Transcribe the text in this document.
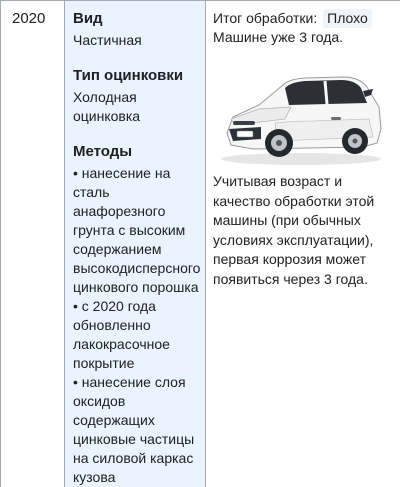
2020 Вид
Частичная
Тип оцинковки
Холодная
оцинковка
Методы
• нанесение на
сталь
анафорезного
грунта с высоким
содержанием
высокодисперсного
цинкового порошка
• с 2020 года
обновленно
лакокрасочное
покрытие
• нанесение слоя
оксидов
содержащих
цинковые частицы
на силовой каркас
кузова
Итог обработки: Плохо
Машине уже 3 года.
Учитывая возраст и
качество обработки этой
машины (при обычных
условиях эксплуатации),
первая коррозия может
появиться через 3 года.
